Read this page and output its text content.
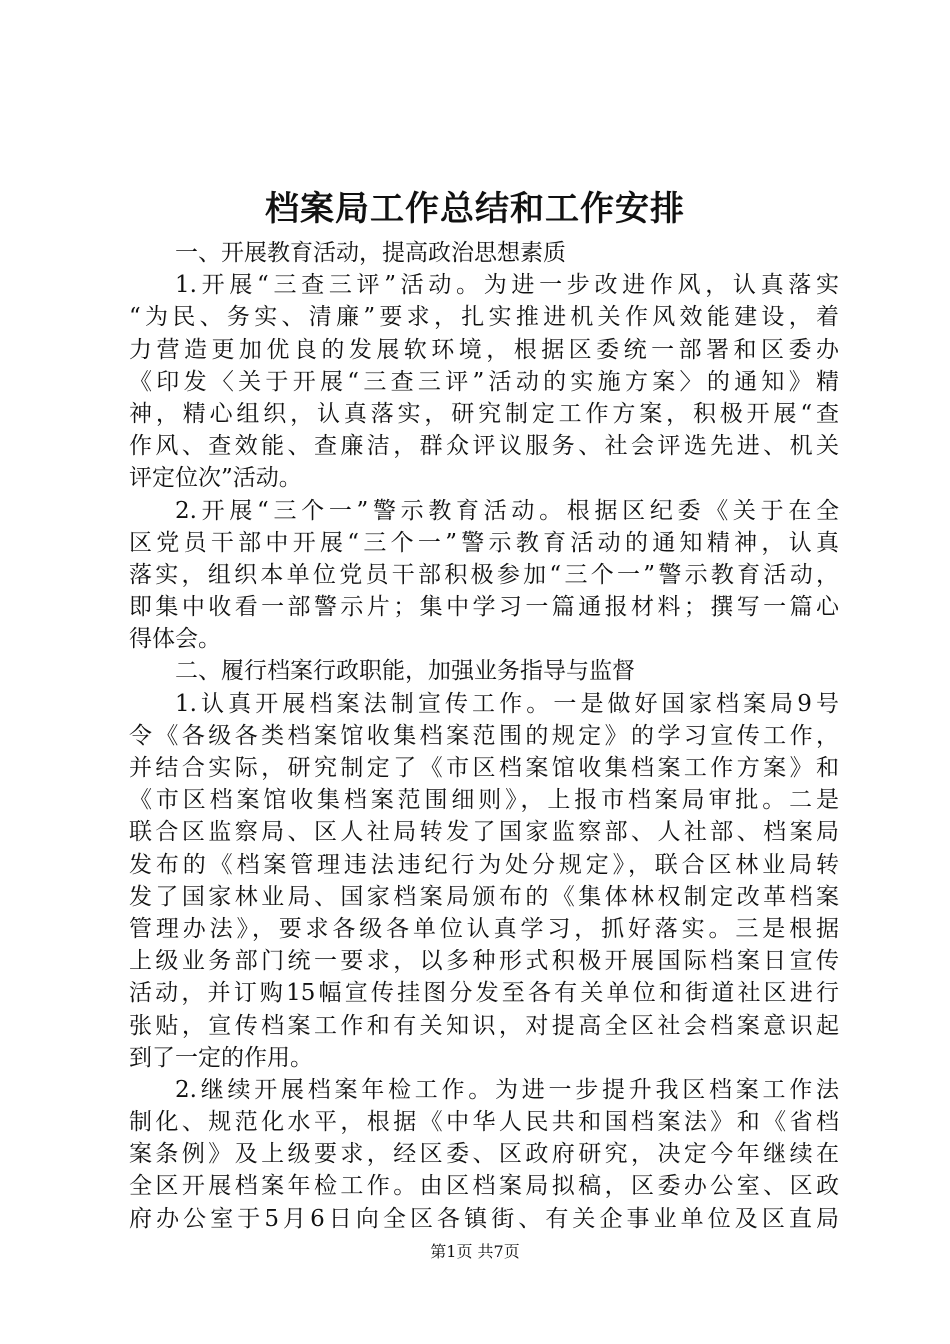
档案局工作总结和工作安排
一、开展教育活动，提高政治思想素质
1.开展“三查三评”活动。为进一步改进作风，认真落实
“为民、务实、清廉”要求，扎实推进机关作风效能建设，着
力营造更加优良的发展软环境，根据区委统一部署和区委办
《印发〈关于开展“三查三评”活动的实施方案〉的通知》精
神，精心组织，认真落实，研究制定工作方案，积极开展“查
作风、查效能、查廉洁，群众评议服务、社会评选先进、机关
评定位次”活动。
2.开展“三个一”警示教育活动。根据区纪委《关于在全
区党员干部中开展“三个一”警示教育活动的通知精神，认真
落实，组织本单位党员干部积极参加“三个一”警示教育活动，
即集中收看一部警示片；集中学习一篇通报材料；撰写一篇心
得体会。
二、履行档案行政职能，加强业务指导与监督
1.认真开展档案法制宣传工作。一是做好国家档案局9号
令《各级各类档案馆收集档案范围的规定》的学习宣传工作，
并结合实际，研究制定了《市区档案馆收集档案工作方案》和
《市区档案馆收集档案范围细则》，上报市档案局审批。二是
联合区监察局、区人社局转发了国家监察部、人社部、档案局
发布的《档案管理违法违纪行为处分规定》，联合区林业局转
发了国家林业局、国家档案局颁布的《集体林权制定改革档案
管理办法》，要求各级各单位认真学习，抓好落实。三是根据
上级业务部门统一要求，以多种形式积极开展国际档案日宣传
活动，并订购15幅宣传挂图分发至各有关单位和街道社区进行
张贴，宣传档案工作和有关知识，对提高全区社会档案意识起
到了一定的作用。
2.继续开展档案年检工作。为进一步提升我区档案工作法
制化、规范化水平，根据《中华人民共和国档案法》和《省档
案条例》及上级要求，经区委、区政府研究，决定今年继续在
全区开展档案年检工作。由区档案局拟稿，区委办公室、区政
府办公室于5月6日向全区各镇街、有关企事业单位及区直局
第1页 共7页
